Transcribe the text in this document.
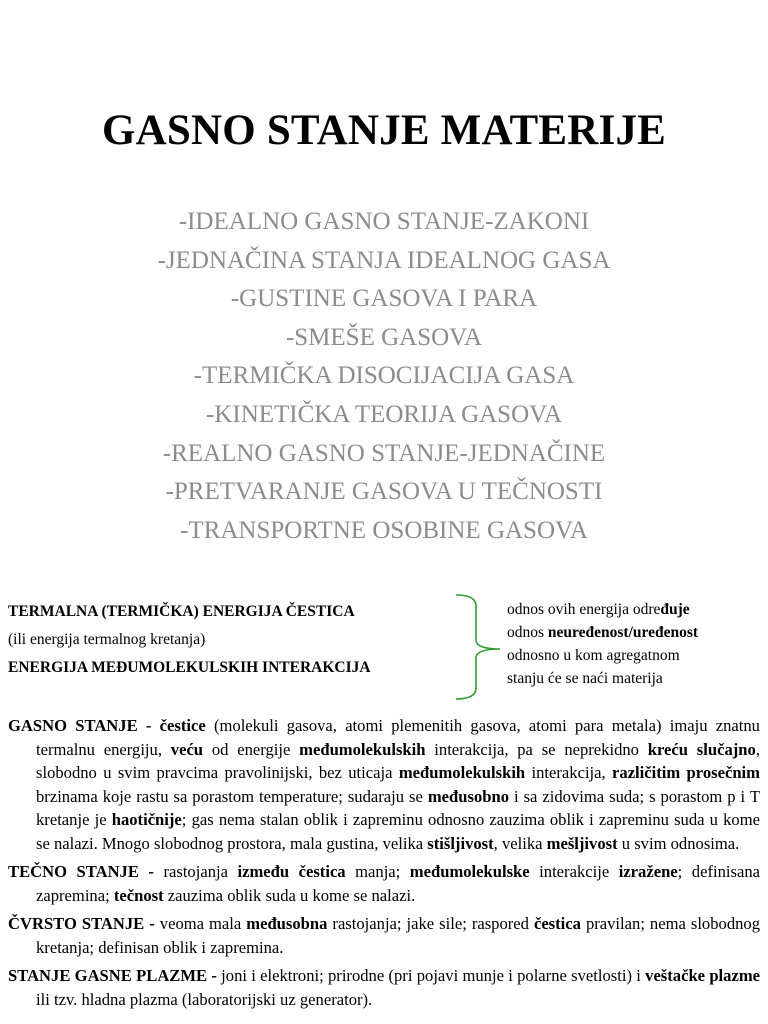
GASNO STANJE MATERIJE
-IDEALNO GASNO STANJE-ZAKONI
-JEDNAČINA STANJA IDEALNOG GASA
-GUSTINE GASOVA I PARA
-SMEŠE GASOVA
-TERMIČKA DISOCIJACIJA GASA
-KINETIČKA TEORIJA GASOVA
-REALNO GASNO STANJE-JEDNAČINE
-PRETVARANJE GASOVA U TEČNOSTI
-TRANSPORTNE OSOBINE GASOVA
TERMALNA (TERMIČKA) ENERGIJA ČESTICA
(ili energija termalnog kretanja)
ENERGIJA MEĐUMOLEKULSKIH INTERAKCIJA
odnos ovih energija određuje
odnos neuređenost/uređenost
odnosno u kom agregatnom
stanju će se naći materija
GASNO STANJE - čestice (molekuli gasova, atomi plemenitih gasova, atomi para metala) imaju znatnu termalnu energiju, veću od energije međumolekulskih interakcija, pa se neprekidno kreću slučajno, slobodno u svim pravcima pravolinijski, bez uticaja međumolekulskih interakcija, različitim prosečnim brzinama koje rastu sa porastom temperature; sudaraju se međusobno i sa zidovima suda; s porastom p i T kretanje je haotičnije; gas nema stalan oblik i zapreminu odnosno zauzima oblik i zapreminu suda u kome se nalazi. Mnogo slobodnog prostora, mala gustina, velika stišljivost, velika mešljivost u svim odnosima.
TEČNO STANJE - rastojanja između čestica manja; međumolekulske interakcije izražene; definisana zapremina; tečnost zauzima oblik suda u kome se nalazi.
ČVRSTO STANJE - veoma mala međusobna rastojanja; jake sile; raspored čestica pravilan; nema slobodnog kretanja; definisan oblik i zapremina.
STANJE GASNE PLAZME - joni i elektroni; prirodne (pri pojavi munje i polarne svetlosti) i veštačke plazme ili tzv. hladna plazma (laboratorijski uz generator).
